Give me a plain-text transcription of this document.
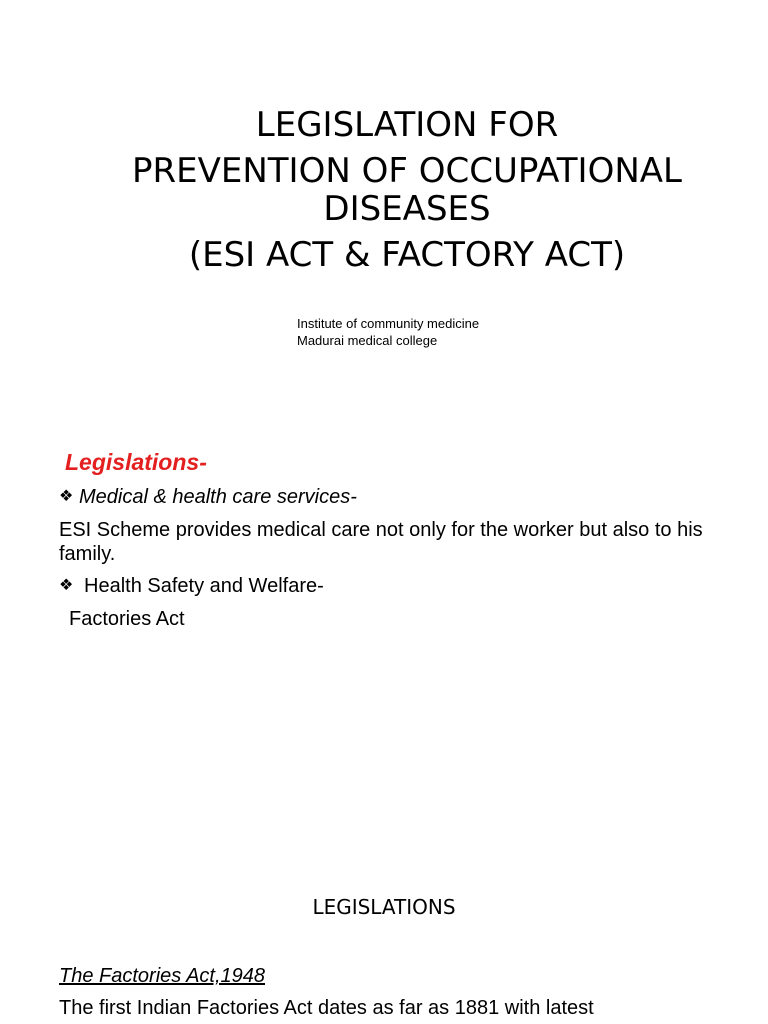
LEGISLATION FOR
PREVENTION OF OCCUPATIONAL
DISEASES
(ESI ACT & FACTORY ACT)
Institute of community medicine
Madurai medical college
Legislations-
❖ Medical & health care services-
ESI Scheme provides medical care not only for the worker but also to his family.
❖ Health Safety and Welfare-
Factories Act
LEGISLATIONS
The Factories Act,1948
The first Indian Factories Act dates as far as 1881 with latest
